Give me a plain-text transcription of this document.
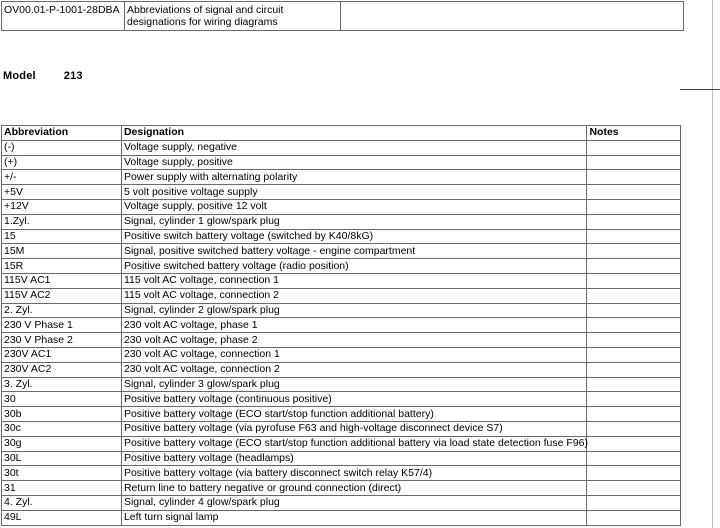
OV00.01-P-1001-28DBA	Abbreviations of signal and circuit
designations for wiring diagrams

Model	213
Abbreviation	Designation	Notes
(-)	Voltage supply, negative	
(+)	Voltage supply, positive	
+/-	Power supply with alternating polarity	
+5V	5 volt positive voltage supply	
+12V	Voltage supply, positive 12 volt	
1.Zyl.	Signal, cylinder 1 glow/spark plug	
15	Positive switch battery voltage (switched by K40/8kG)	
15M	Signal, positive switched battery voltage - engine compartment	
15R	Positive switched battery voltage (radio position)	
115V AC1	115 volt AC voltage, connection 1	
115V AC2	115 volt AC voltage, connection 2	
2. Zyl.	Signal, cylinder 2 glow/spark plug	
230 V Phase 1	230 volt AC voltage, phase 1	
230 V Phase 2	230 volt AC voltage, phase 2	
230V AC1	230 volt AC voltage, connection 1	
230V AC2	230 volt AC voltage, connection 2	
3. Zyl.	Signal, cylinder 3 glow/spark plug	
30	Positive battery voltage (continuous positive)	
30b	Positive battery voltage (ECO start/stop function additional battery)	
30c	Positive battery voltage (via pyrofuse F63 and high-voltage disconnect device S7)	
30g	Positive battery voltage (ECO start/stop function additional battery via load state detection fuse F96)	
30L	Positive battery voltage (headlamps)	
30t	Positive battery voltage (via battery disconnect switch relay K57/4)	
31	Return line to battery negative or ground connection (direct)	
4. Zyl.	Signal, cylinder 4 glow/spark plug	
49L	Left turn signal lamp	
